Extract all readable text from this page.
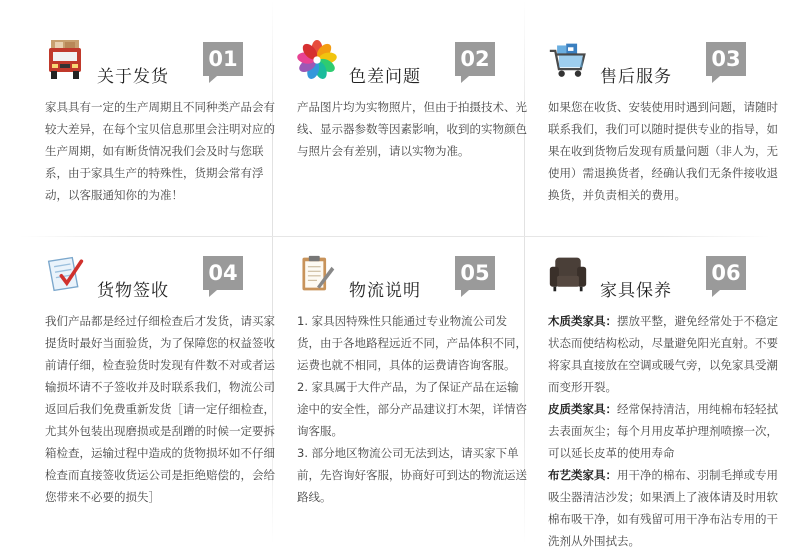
关于发货
01
家具具有一定的生产周期且不同种类产品会有较大差异，在每个宝贝信息那里会注明对应的生产周期，如有断货情况我们会及时与您联系，由于家具生产的特殊性，货期会常有浮动，以客服通知你的为准！
色差问题
02
产品图片均为实物照片，但由于拍摄技术、光线、显示器参数等因素影响，收到的实物颜色与照片会有差别，请以实物为准。
售后服务
03
如果您在收货、安装使用时遇到问题，请随时联系我们，我们可以随时提供专业的指导，如果在收到货物后发现有质量问题（非人为，无使用）需退换货者，经确认我们无条件接收退换货，并负责相关的费用。
货物签收
04
我们产品都是经过仔细检查后才发货，请买家提货时最好当面验货，为了保障您的权益签收前请仔细，检查验货时发现有件数不对或者运输损坏请不子签收并及时联系我们，物流公司返回后我们免费重新发货［请一定仔细检查，尤其外包装出现磨损或是刮蹭的时候一定要拆箱检查，运输过程中造成的货物损坏如不仔细检查而直接签收货运公司是拒绝赔偿的，会给您带来不必要的损失］
物流说明
05

1. 家具因特殊性只能通过专业物流公司发货，由于各地路程远近不同，产品体积不同，运费也就不相同，具体的运费请咨询客服。

2. 家具属于大件产品，为了保证产品在运输途中的安全性，部分产品建议打木架，详情咨询客服。

3. 部分地区物流公司无法到达，请买家下单前，先咨询好客服，协商好可到达的物流运送路线。

家具保养
06

木质类家具：摆放平整，避免经常处于不稳定状态而使结构松动，尽量避免阳光直射。不要将家具直接放在空调或暖气旁，以免家具受潮而变形开裂。

皮质类家具：经常保持清洁，用纯棉布轻轻拭去表面灰尘；每个月用皮革护理剂喷擦一次，可以延长皮革的使用寿命

布艺类家具：用干净的棉布、羽制毛掸或专用吸尘器清洁沙发；如果洒上了液体请及时用软棉布吸干净，如有残留可用干净布沾专用的干洗剂从外围拭去。
